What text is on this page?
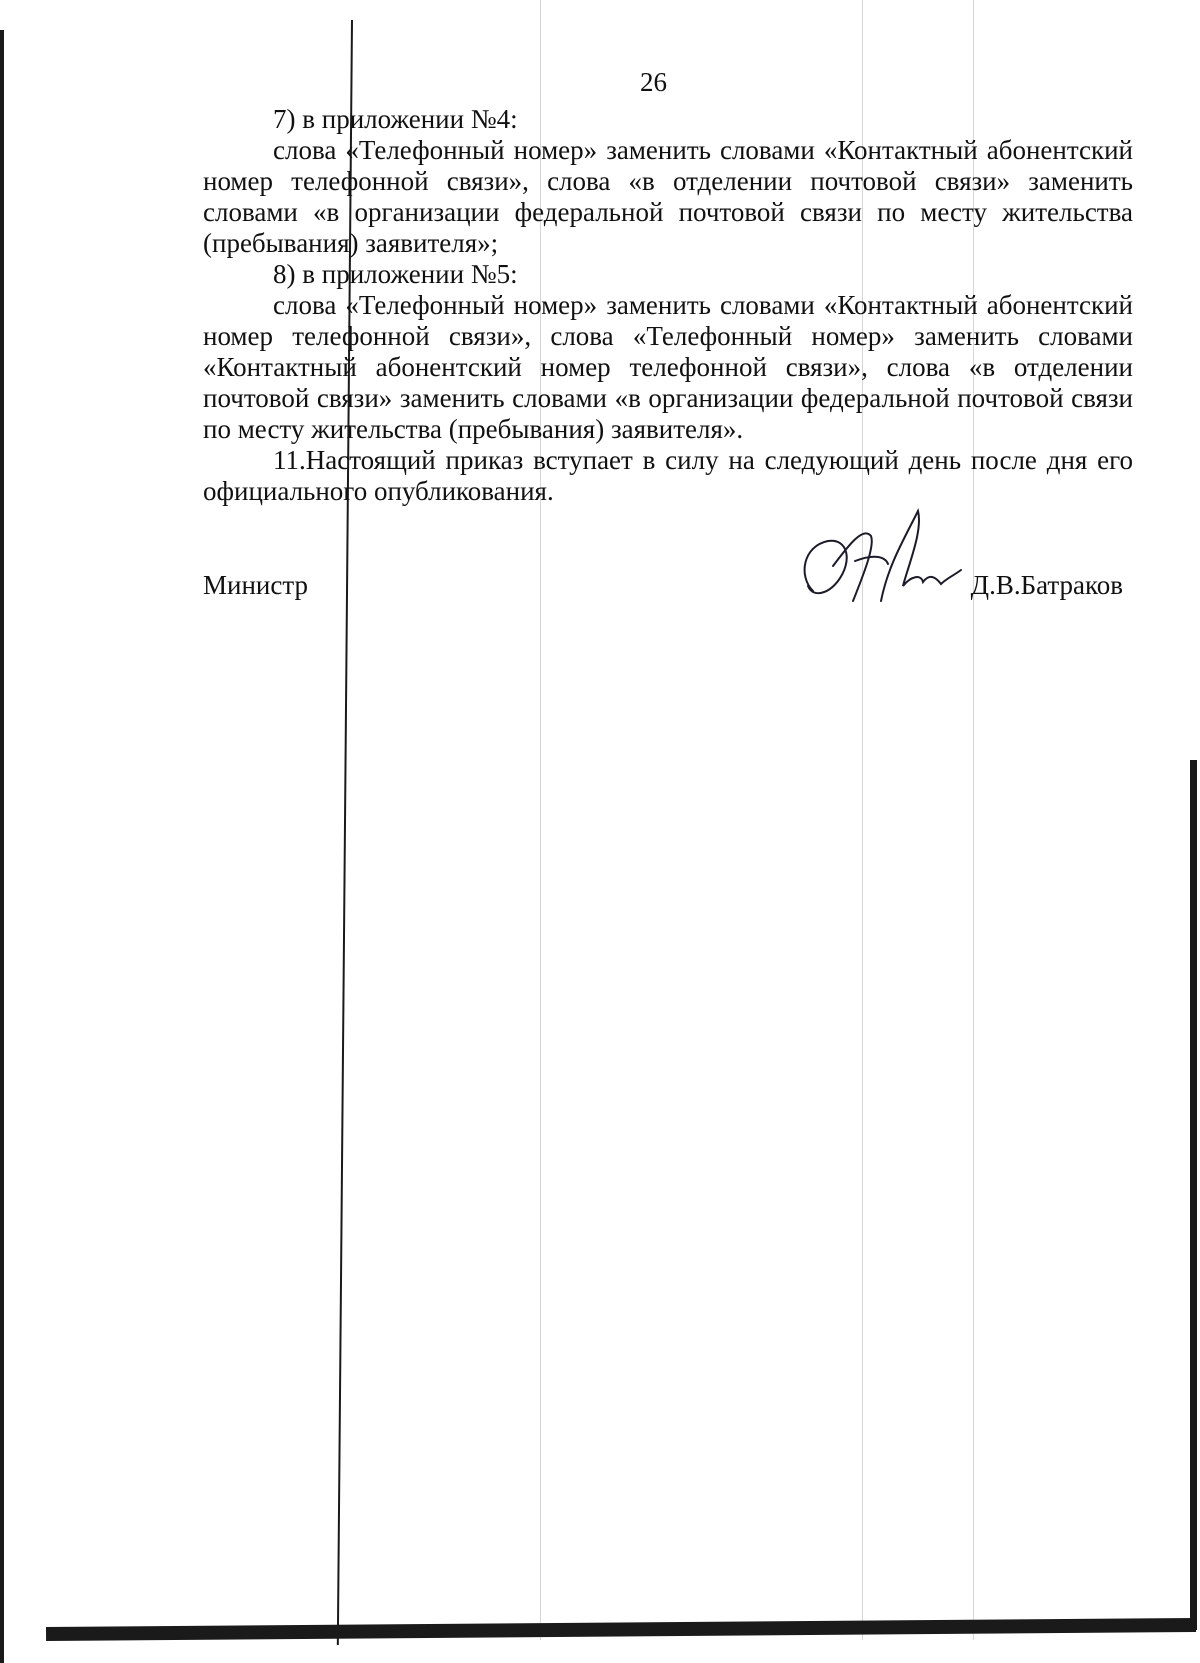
26

7) в приложении №4:

слова «Телефонный номер» заменить словами «Контактный абонентский номер телефонной связи», слова «в отделении почтовой связи» заменить словами «в организации федеральной почтовой связи по месту жительства (пребывания) заявителя»;

8) в приложении №5:

слова «Телефонный номер» заменить словами «Контактный абонентский номер телефонной связи», слова «Телефонный номер» заменить словами «Контактный абонентский номер телефонной связи», слова «в отделении почтовой связи» заменить словами «в организации федеральной почтовой связи по месту жительства (пребывания) заявителя».

11.Настоящий приказ вступает в силу на следующий день после дня его официального опубликования.

Министр	Д.В.Батраков
